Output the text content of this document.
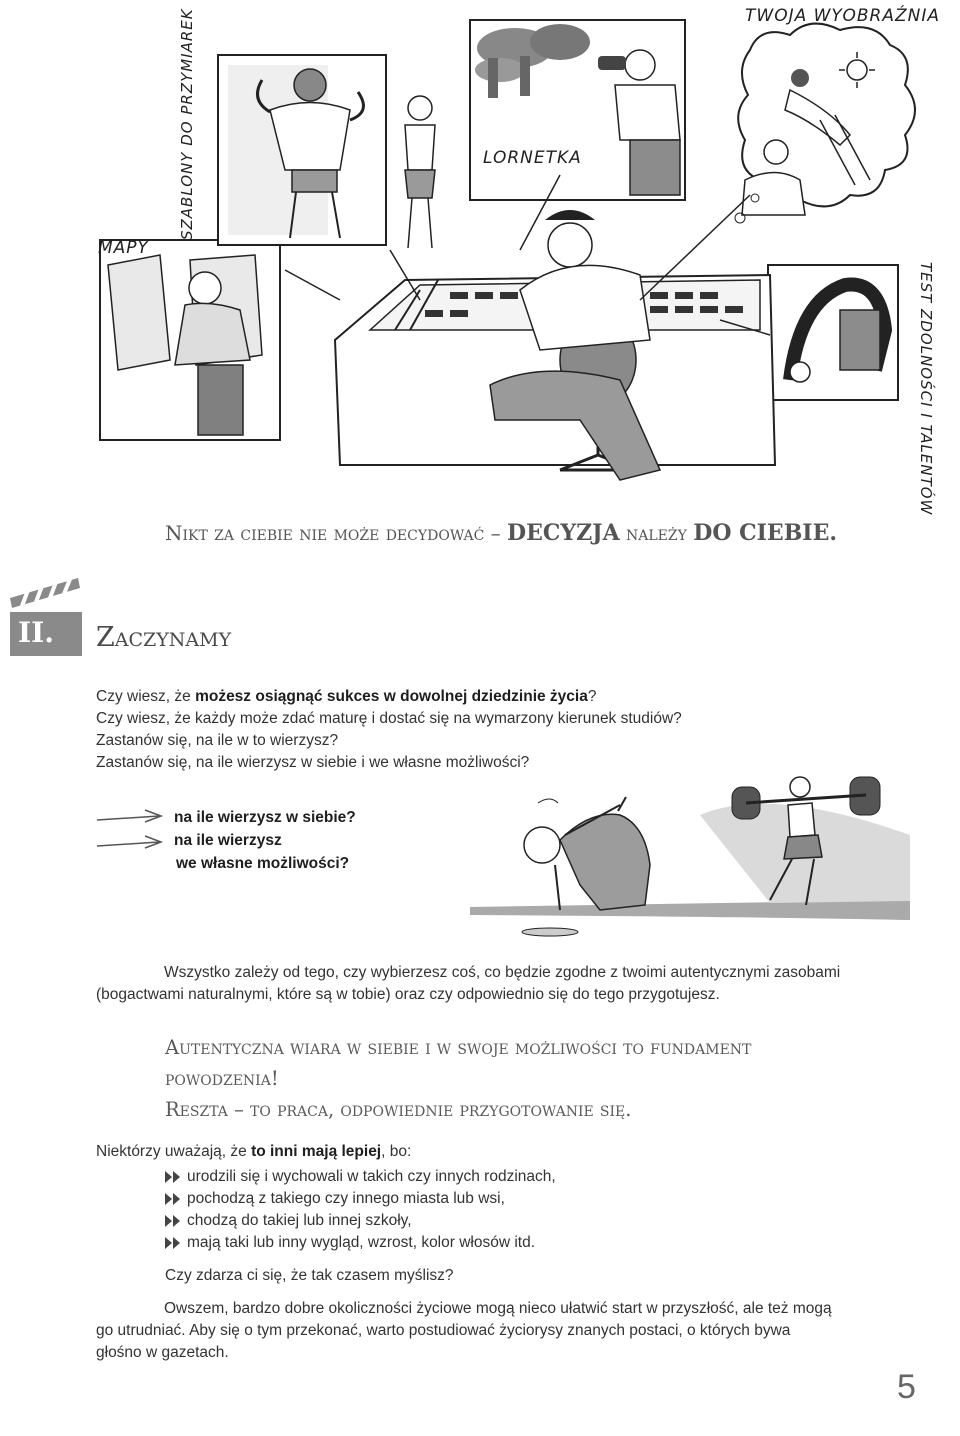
MAPY
SZABLONY DO PRZYMIAREK	LORNETKA
TWOJA WYOBRAŹNIA
TEST ZDOLNOŚCI I TALENTÓW
Nikt za ciebie nie może decydować – DECYZJA należy DO CIEBIE.
II. Zaczynamy
Czy wiesz, że możesz osiągnąć sukces w dowolnej dziedzinie życia?
Czy wiesz, że każdy może zdać maturę i dostać się na wymarzony kierunek studiów?
Zastanów się, na ile w to wierzysz?
Zastanów się, na ile wierzysz w siebie i we własne możliwości?
na ile wierzysz w siebie?
na ile wierzysz
we własne możliwości?
Wszystko zależy od tego, czy wybierzesz coś, co będzie zgodne z twoimi autentycznymi zasobami
(bogactwami naturalnymi, które są w tobie) oraz czy odpowiednio się do tego przygotujesz.
Autentyczna wiara w siebie i w swoje możliwości to fundament
powodzenia!
Reszta – to praca, odpowiednie przygotowanie się.
Niektórzy uważają, że to inni mają lepiej, bo:
urodzili się i wychowali w takich czy innych rodzinach,
pochodzą z takiego czy innego miasta lub wsi,
chodzą do takiej lub innej szkoły,
mają taki lub inny wygląd, wzrost, kolor włosów itd.
Czy zdarza ci się, że tak czasem myślisz?
Owszem, bardzo dobre okoliczności życiowe mogą nieco ułatwić start w przyszłość, ale też mogą
go utrudniać. Aby się o tym przekonać, warto postudiować życiorysy znanych postaci, o których bywa
głośno w gazetach.
5
